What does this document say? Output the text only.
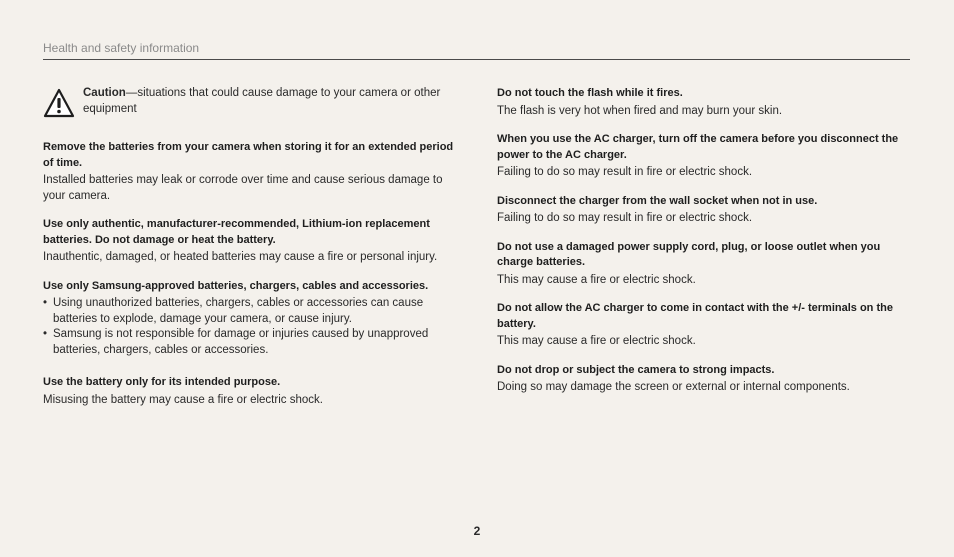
Health and safety information
Caution—situations that could cause damage to your camera or other equipment
Remove the batteries from your camera when storing it for an extended period of time.
Installed batteries may leak or corrode over time and cause serious damage to your camera.
Use only authentic, manufacturer-recommended, Lithium-ion replacement batteries. Do not damage or heat the battery.
Inauthentic, damaged, or heated batteries may cause a fire or personal injury.
Use only Samsung-approved batteries, chargers, cables and accessories.
• Using unauthorized batteries, chargers, cables or accessories can cause batteries to explode, damage your camera, or cause injury.
• Samsung is not responsible for damage or injuries caused by unapproved batteries, chargers, cables or accessories.
Use the battery only for its intended purpose.
Misusing the battery may cause a fire or electric shock.
Do not touch the flash while it fires.
The flash is very hot when fired and may burn your skin.
When you use the AC charger, turn off the camera before you disconnect the power to the AC charger.
Failing to do so may result in fire or electric shock.
Disconnect the charger from the wall socket when not in use.
Failing to do so may result in fire or electric shock.
Do not use a damaged power supply cord, plug, or loose outlet when you charge batteries.
This may cause a fire or electric shock.
Do not allow the AC charger to come in contact with the +/- terminals on the battery.
This may cause a fire or electric shock.
Do not drop or subject the camera to strong impacts.
Doing so may damage the screen or external or internal components.
2
